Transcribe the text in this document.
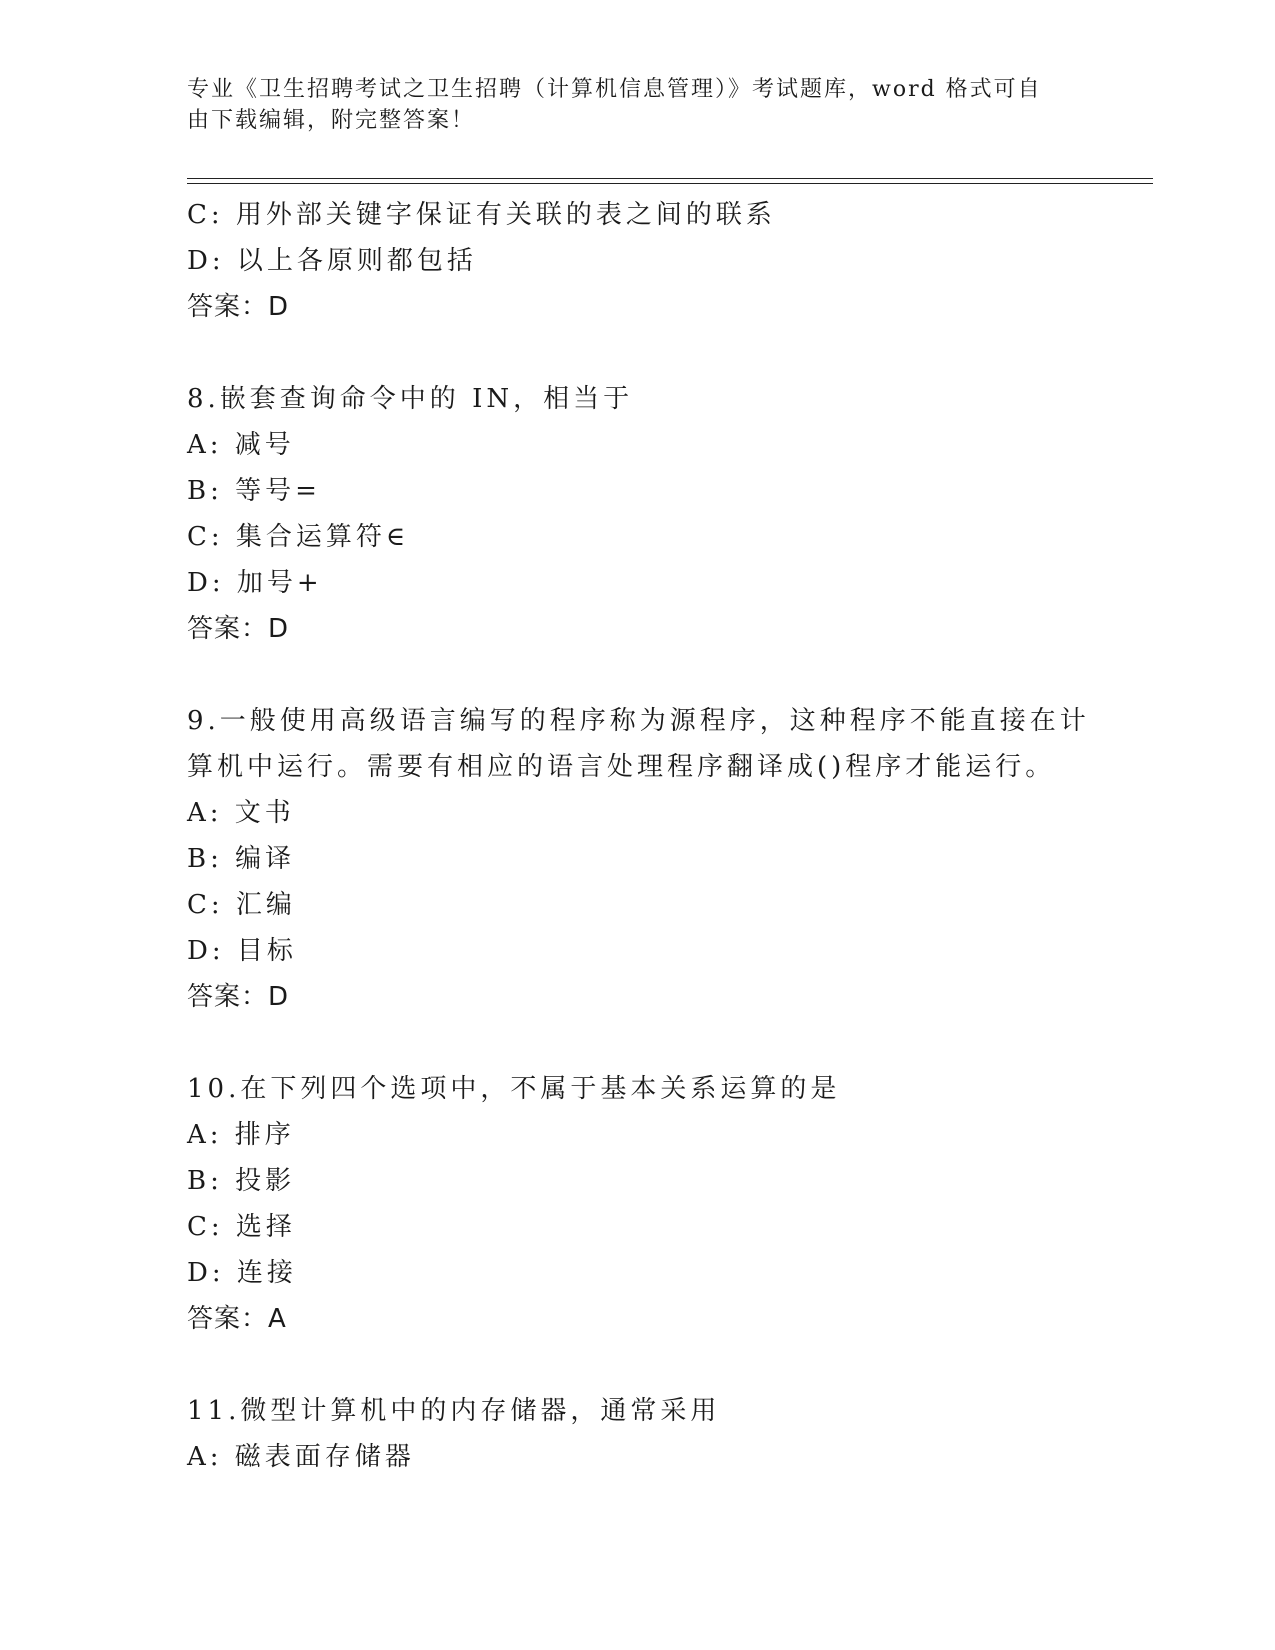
专业《卫生招聘考试之卫生招聘（计算机信息管理）》考试题库，word 格式可自
由下载编辑，附完整答案！
C: 用外部关键字保证有关联的表之间的联系
D: 以上各原则都包括
答案：D
8.嵌套查询命令中的 IN，相当于
A: 减号
B: 等号=
C: 集合运算符∈
D: 加号+
答案：D
9.一般使用高级语言编写的程序称为源程序，这种程序不能直接在计
算机中运行。需要有相应的语言处理程序翻译成()程序才能运行。
A: 文书
B: 编译
C: 汇编
D: 目标
答案：D
10.在下列四个选项中，不属于基本关系运算的是
A: 排序
B: 投影
C: 选择
D: 连接
答案：A
11.微型计算机中的内存储器，通常采用
A: 磁表面存储器
